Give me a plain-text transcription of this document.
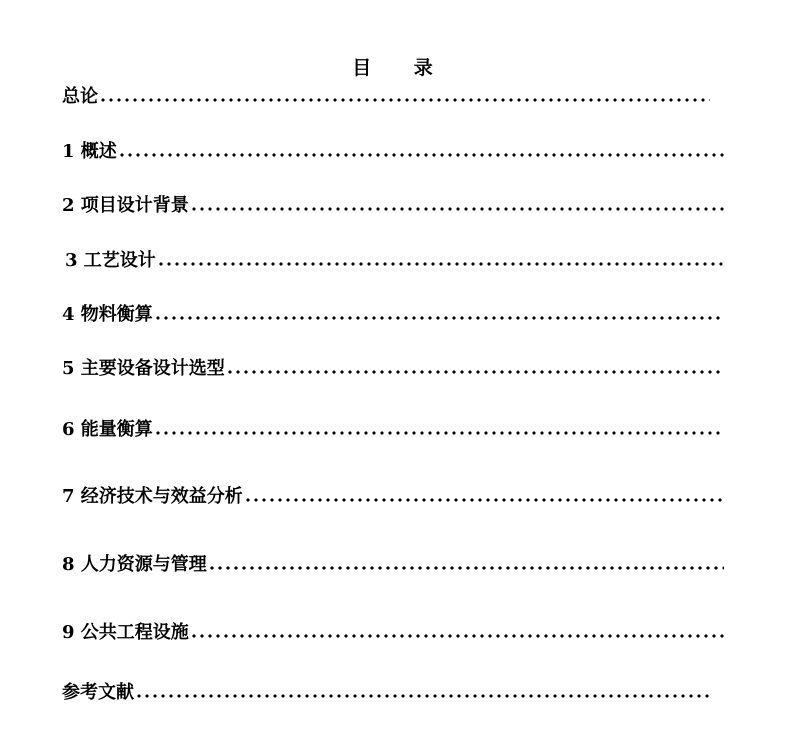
目 录
总论
1 概述
2 项目设计背景
3 工艺设计
4 物料衡算
5 主要设备设计选型
6 能量衡算
7 经济技术与效益分析
8 人力资源与管理
9 公共工程设施
参考文献
